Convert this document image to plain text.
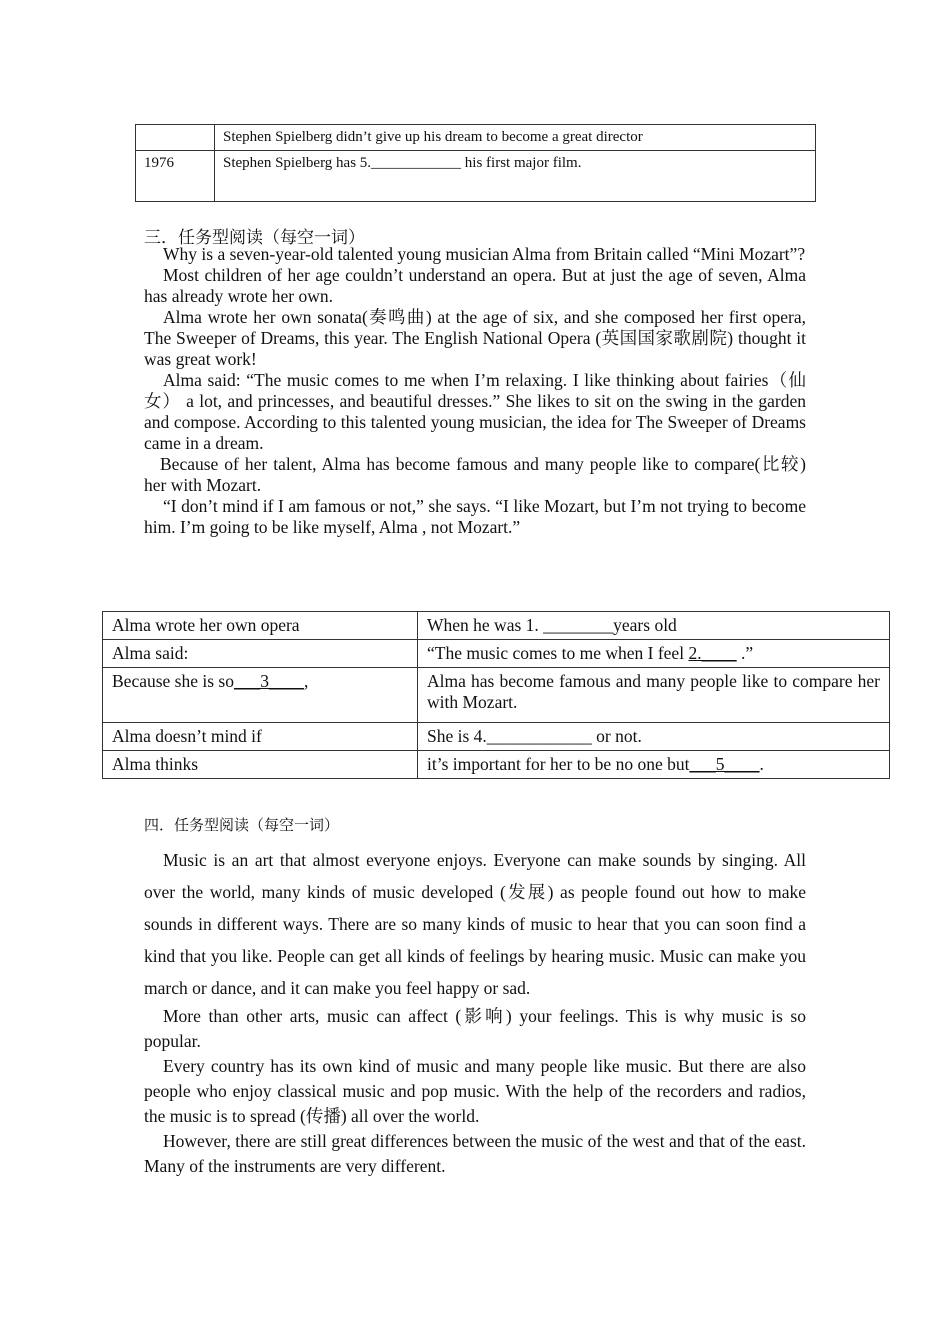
	Stephen Spielberg didn’t give up his dream to become a great director
1976	Stephen Spielberg has 5.____________ his first major film.
三．任务型阅读（每空一词）

Why is a seven-year-old talented young musician Alma from Britain called “Mini Mozart”?

Most children of her age couldn’t understand an opera. But at just the age of seven, Alma has already wrote her own.

Alma wrote her own sonata(奏鸣曲) at the age of six, and she composed her first opera, The Sweeper of Dreams, this year. The English National Opera (英国国家歌剧院) thought it was great work!

Alma said: “The music comes to me when I’m relaxing. I like thinking about fairies（仙女） a lot, and princesses, and beautiful dresses.” She likes to sit on the swing in the garden and compose. According to this talented young musician, the idea for The Sweeper of Dreams came in a dream.

Because of her talent, Alma has become famous and many people like to compare(比较) her with Mozart.

“I don’t mind if I am famous or not,” she says. “I like Mozart, but I’m not trying to become him. I’m going to be like myself, Alma , not Mozart.”

Alma wrote her own opera	When he was 1. ________years old
Alma said:	“The music comes to me when I feel 2.____ .”
Because she is so___3____,	Alma has become famous and many people like to compare her with Mozart.
Alma doesn’t mind if	She is 4.____________ or not.
Alma thinks	it’s important for her to be no one but___5____.
四．任务型阅读（每空一词）

Music is an art that almost everyone enjoys. Everyone can make sounds by singing. All over the world, many kinds of music developed (发展) as people found out how to make sounds in different ways. There are so many kinds of music to hear that you can soon find a kind that you like. People can get all kinds of feelings by hearing music. Music can make you march or dance, and it can make you feel happy or sad.

More than other arts, music can affect (影响) your feelings. This is why music is so popular.

Every country has its own kind of music and many people like music. But there are also people who enjoy classical music and pop music. With the help of the recorders and radios, the music is to spread (传播) all over the world.

However, there are still great differences between the music of the west and that of the east. Many of the instruments are very different.
